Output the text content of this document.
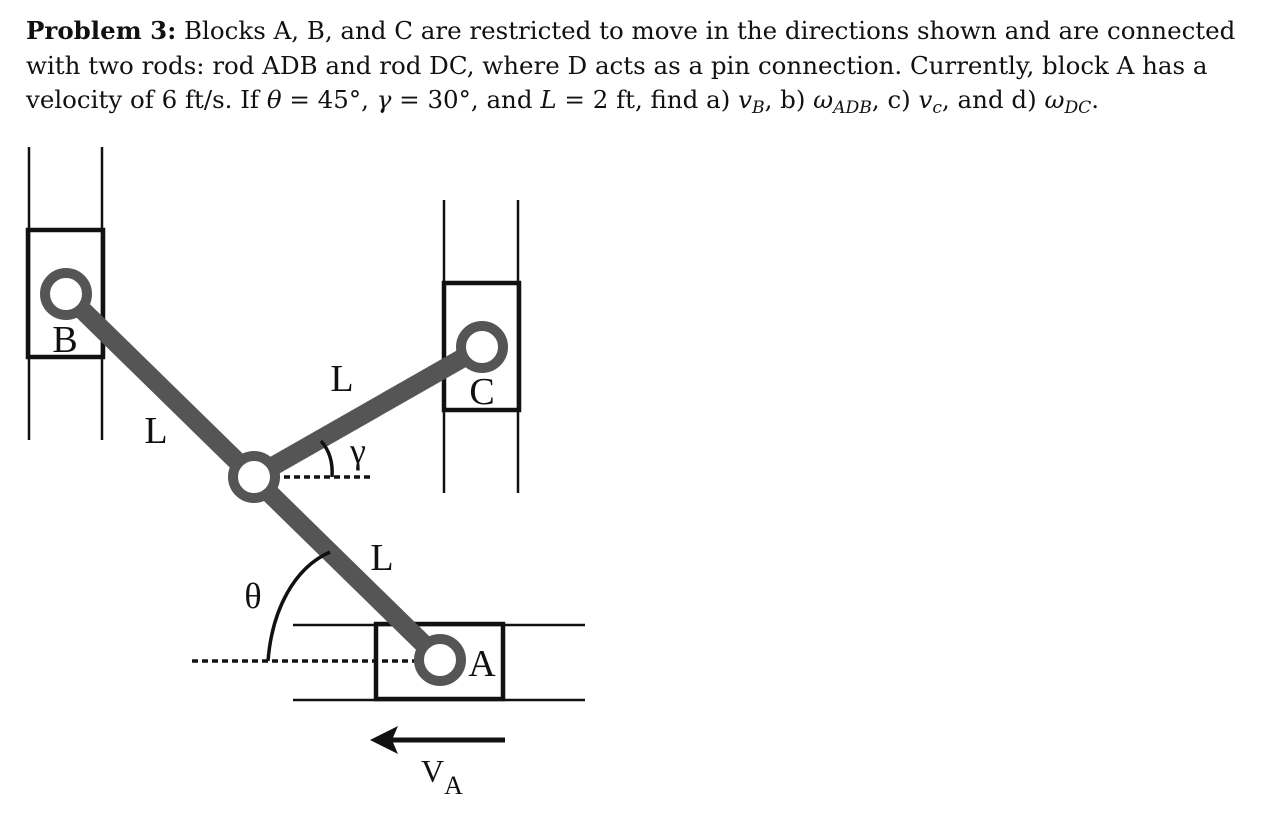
Problem 3: Blocks A, B, and C are restricted to move in the directions shown and are connected with two rods: rod ADB and rod DC, where D acts as a pin connection. Currently, block A has a velocity of 6 ft/s. If θ = 45°, γ = 30°, and L = 2 ft, find a) $v_B$, b) $\omega_{ADB}$, c) $v_c$, and d) $\omega_{DC}$.
B
C
A
L
L
L
θ
γ
$V_A$
